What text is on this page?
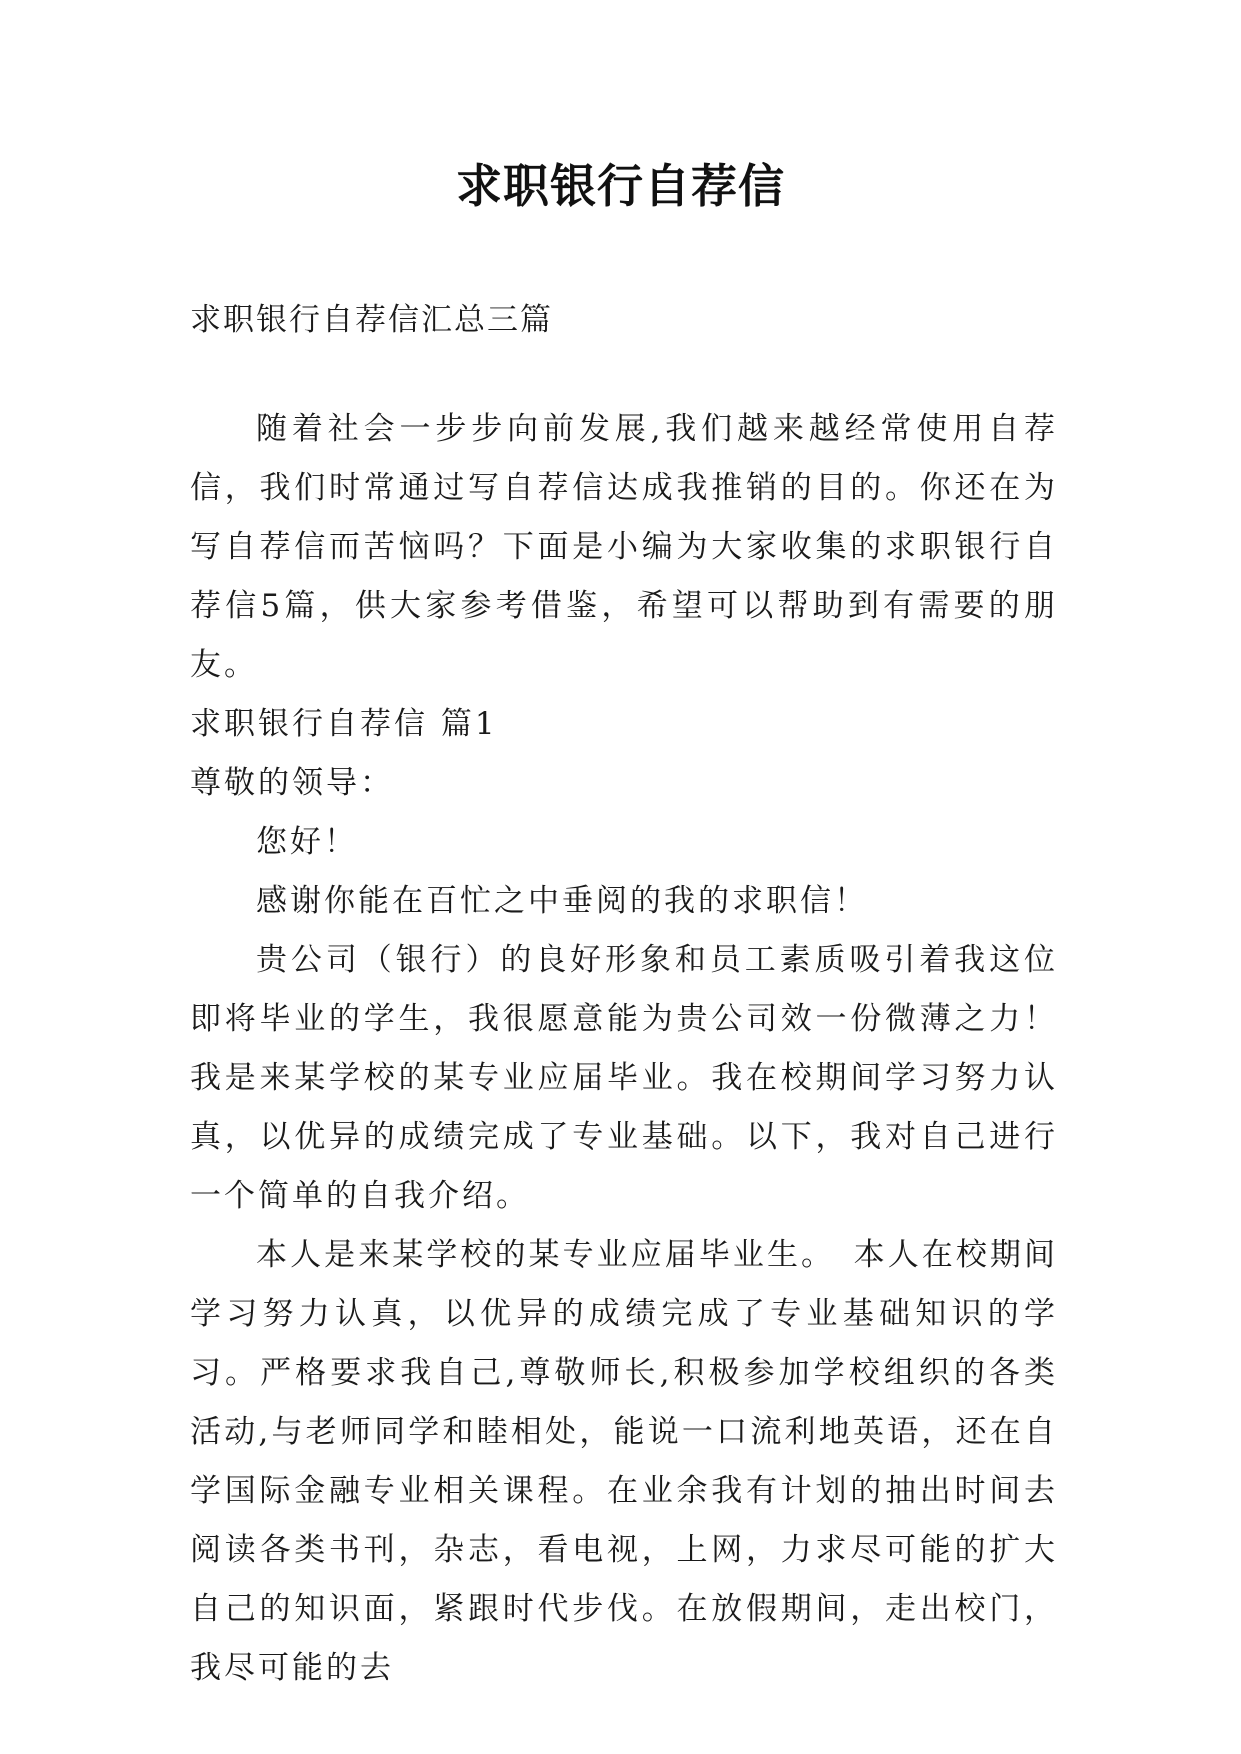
求职银行自荐信
求职银行自荐信汇总三篇

随着社会一步步向前发展,我们越来越经常使用自荐信，我们时常通过写自荐信达成我推销的目的。你还在为写自荐信而苦恼吗？下面是小编为大家收集的求职银行自荐信5篇，供大家参考借鉴，希望可以帮助到有需要的朋友。

求职银行自荐信 篇1

尊敬的领导：

您好！

感谢你能在百忙之中垂阅的我的求职信！

贵公司（银行）的良好形象和员工素质吸引着我这位即将毕业的学生，我很愿意能为贵公司效一份微薄之力！我是来某学校的某专业应届毕业。我在校期间学习努力认真，以优异的成绩完成了专业基础。以下，我对自己进行一个简单的自我介绍。

本人是来某学校的某专业应届毕业生。　本人在校期间学习努力认真，以优异的成绩完成了专业基础知识的学习。严格要求我自己,尊敬师长,积极参加学校组织的各类活动,与老师同学和睦相处，能说一口流利地英语，还在自学国际金融专业相关课程。在业余我有计划的抽出时间去阅读各类书刊，杂志，看电视，上网，力求尽可能的扩大自己的知识面，紧跟时代步伐。在放假期间，走出校门，我尽可能的去
